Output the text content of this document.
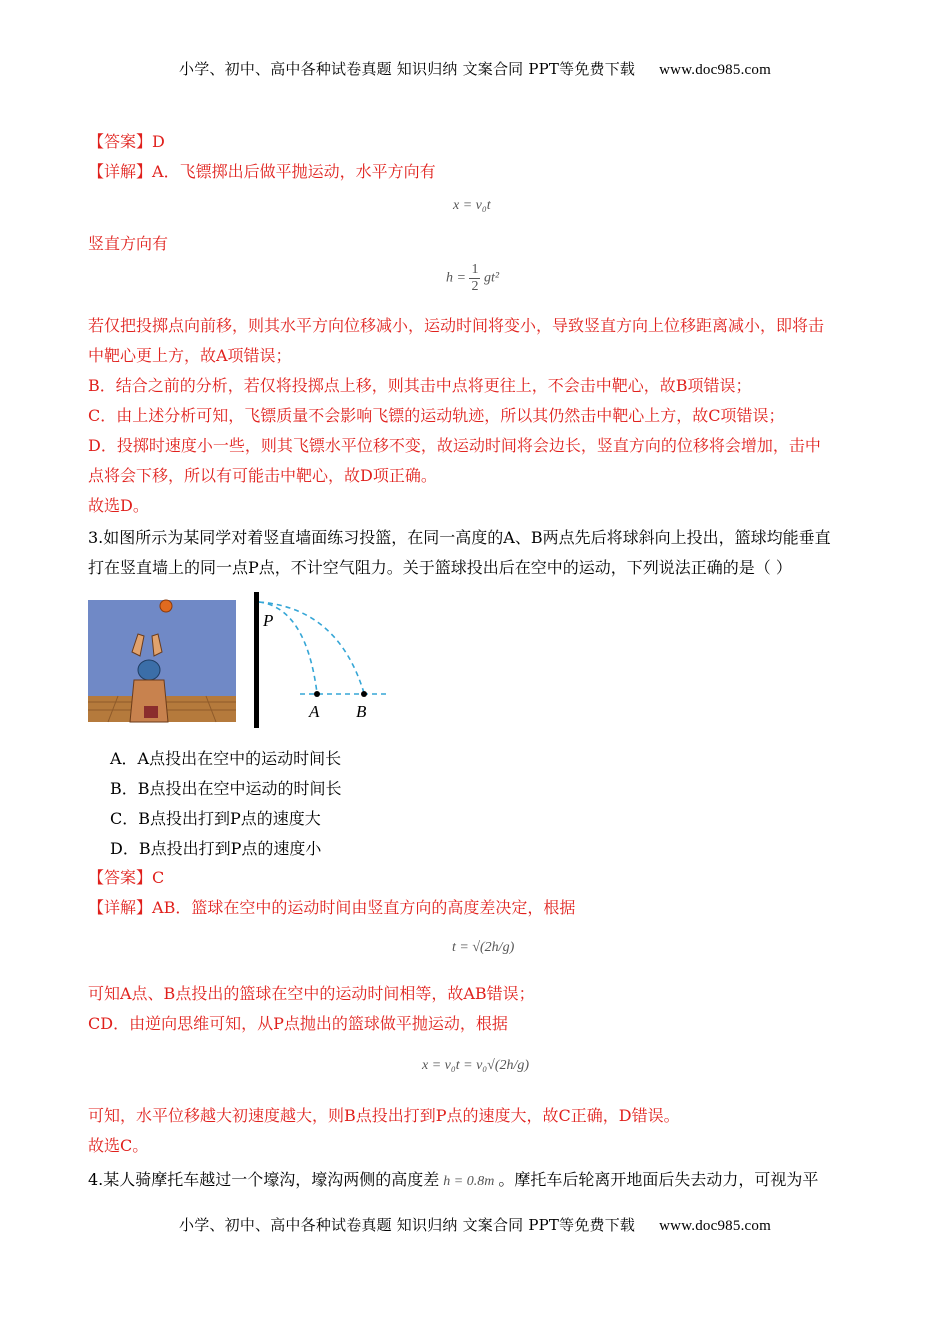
小学、初中、高中各种试卷真题 知识归纳 文案合同 PPT等免费下载 www.doc985.com
【答案】D
【详解】A．飞镖掷出后做平抛运动，水平方向有
x = v₀t
竖直方向有
$h = \frac{1}{2} gt^2$
若仅把投掷点向前移，则其水平方向位移减小，运动时间将变小，导致竖直方向上位移距离减小，即将击
中靶心更上方，故A项错误；
B．结合之前的分析，若仅将投掷点上移，则其击中点将更往上，不会击中靶心，故B项错误；
C．由上述分析可知，飞镖质量不会影响飞镖的运动轨迹，所以其仍然击中靶心上方，故C项错误；
D．投掷时速度小一些，则其飞镖水平位移不变，故运动时间将会边长，竖直方向的位移将会增加，击中
点将会下移，所以有可能击中靶心，故D项正确。
故选D。
3.如图所示为某同学对着竖直墙面练习投篮，在同一高度的A、B两点先后将球斜向上投出，篮球均能垂直
打在竖直墙上的同一点P点，不计空气阻力。关于篮球投出后在空中的运动，下列说法正确的是（ ）
P
A B
A．A点投出在空中的运动时间长
B．B点投出在空中运动的时间长
C．B点投出打到P点的速度大
D．B点投出打到P点的速度小
【答案】C
【详解】AB．篮球在空中的运动时间由竖直方向的高度差决定，根据
t = √(2h/g)
可知A点、B点投出的篮球在空中的运动时间相等，故AB错误；
CD．由逆向思维可知，从P点抛出的篮球做平抛运动，根据
x = v₀t = v₀√(2h/g)
可知，水平位移越大初速度越大，则B点投出打到P点的速度大，故C正确，D错误。
故选C。
4.某人骑摩托车越过一个壕沟，壕沟两侧的高度差 h = 0.8m 。摩托车后轮离开地面后失去动力，可视为平
小学、初中、高中各种试卷真题 知识归纳 文案合同 PPT等免费下载 www.doc985.com
